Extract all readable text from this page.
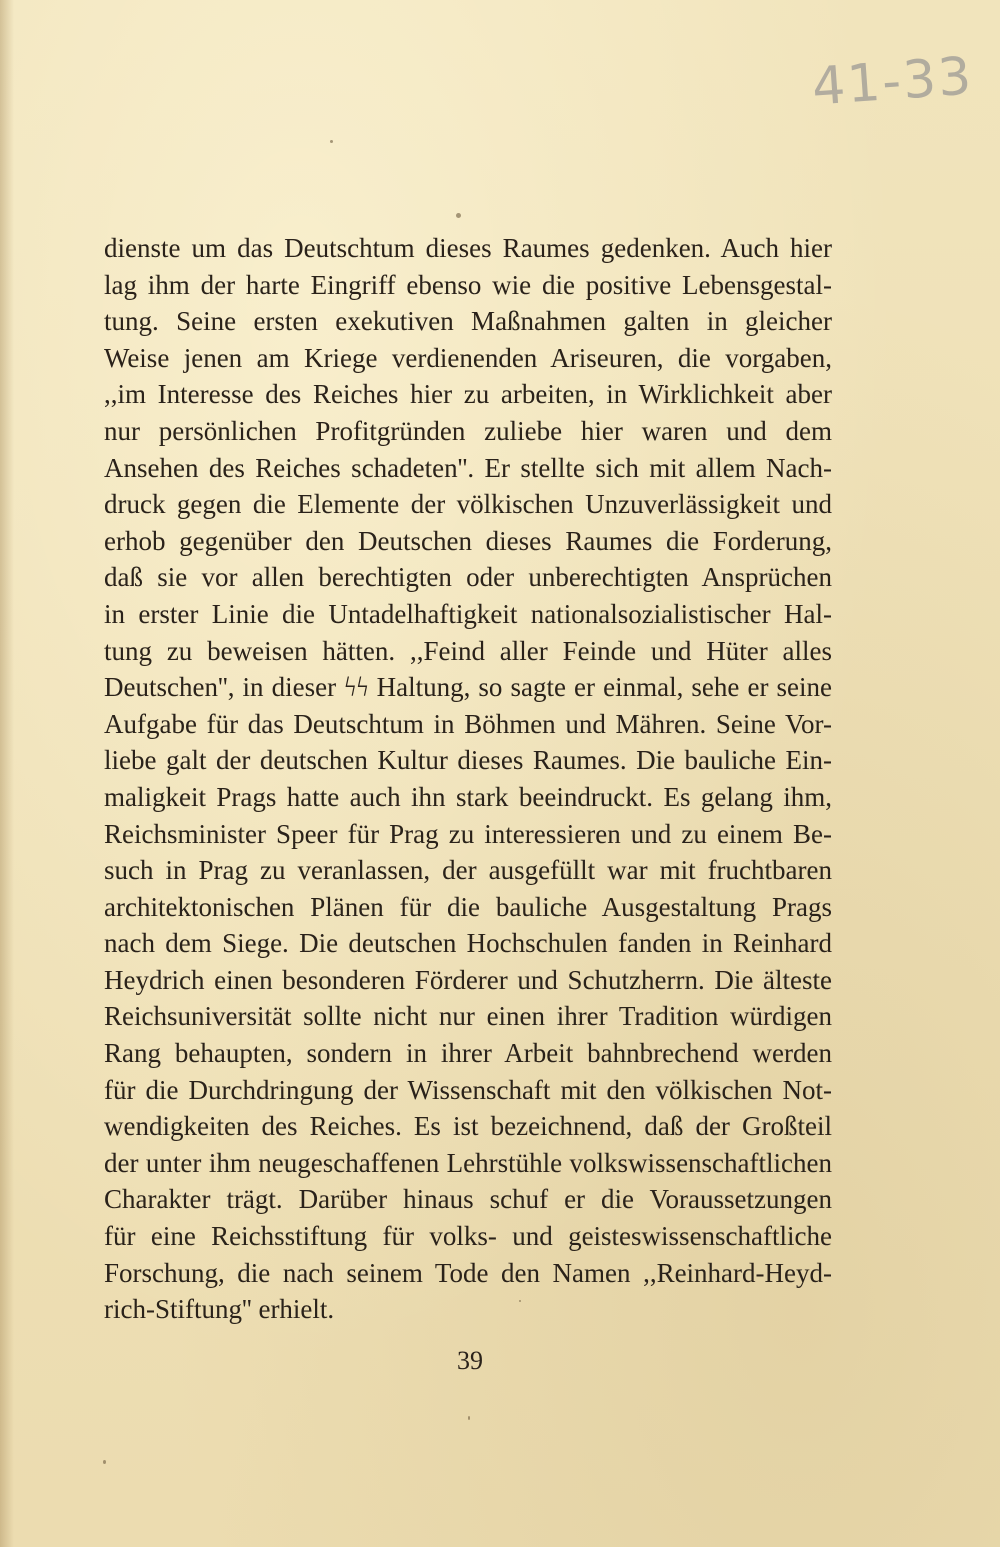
41-33
dienste um das Deutschtum dieses Raumes gedenken. Auch hier
lag ihm der harte Eingriff ebenso wie die positive Lebensgestal-
tung. Seine ersten exekutiven Maßnahmen galten in gleicher
Weise jenen am Kriege verdienenden Ariseuren, die vorgaben,
,,im Interesse des Reiches hier zu arbeiten, in Wirklichkeit aber
nur persönlichen Profitgründen zuliebe hier waren und dem
Ansehen des Reiches schadeten''. Er stellte sich mit allem Nach-
druck gegen die Elemente der völkischen Unzuverlässigkeit und
erhob gegenüber den Deutschen dieses Raumes die Forderung,
daß sie vor allen berechtigten oder unberechtigten Ansprüchen
in erster Linie die Untadelhaftigkeit nationalsozialistischer Hal-
tung zu beweisen hätten. ,,Feind aller Feinde und Hüter alles
Deutschen'', in dieser ϟϟ Haltung, so sagte er einmal, sehe er seine
Aufgabe für das Deutschtum in Böhmen und Mähren. Seine Vor-
liebe galt der deutschen Kultur dieses Raumes. Die bauliche Ein-
maligkeit Prags hatte auch ihn stark beeindruckt. Es gelang ihm,
Reichsminister Speer für Prag zu interessieren und zu einem Be-
such in Prag zu veranlassen, der ausgefüllt war mit fruchtbaren
architektonischen Plänen für die bauliche Ausgestaltung Prags
nach dem Siege. Die deutschen Hochschulen fanden in Reinhard
Heydrich einen besonderen Förderer und Schutzherrn. Die älteste
Reichsuniversität sollte nicht nur einen ihrer Tradition würdigen
Rang behaupten, sondern in ihrer Arbeit bahnbrechend werden
für die Durchdringung der Wissenschaft mit den völkischen Not-
wendigkeiten des Reiches. Es ist bezeichnend, daß der Großteil
der unter ihm neugeschaffenen Lehrstühle volkswissenschaftlichen
Charakter trägt. Darüber hinaus schuf er die Voraussetzungen
für eine Reichsstiftung für volks- und geisteswissenschaftliche
Forschung, die nach seinem Tode den Namen ,,Reinhard-Heyd-
rich-Stiftung'' erhielt.
39
